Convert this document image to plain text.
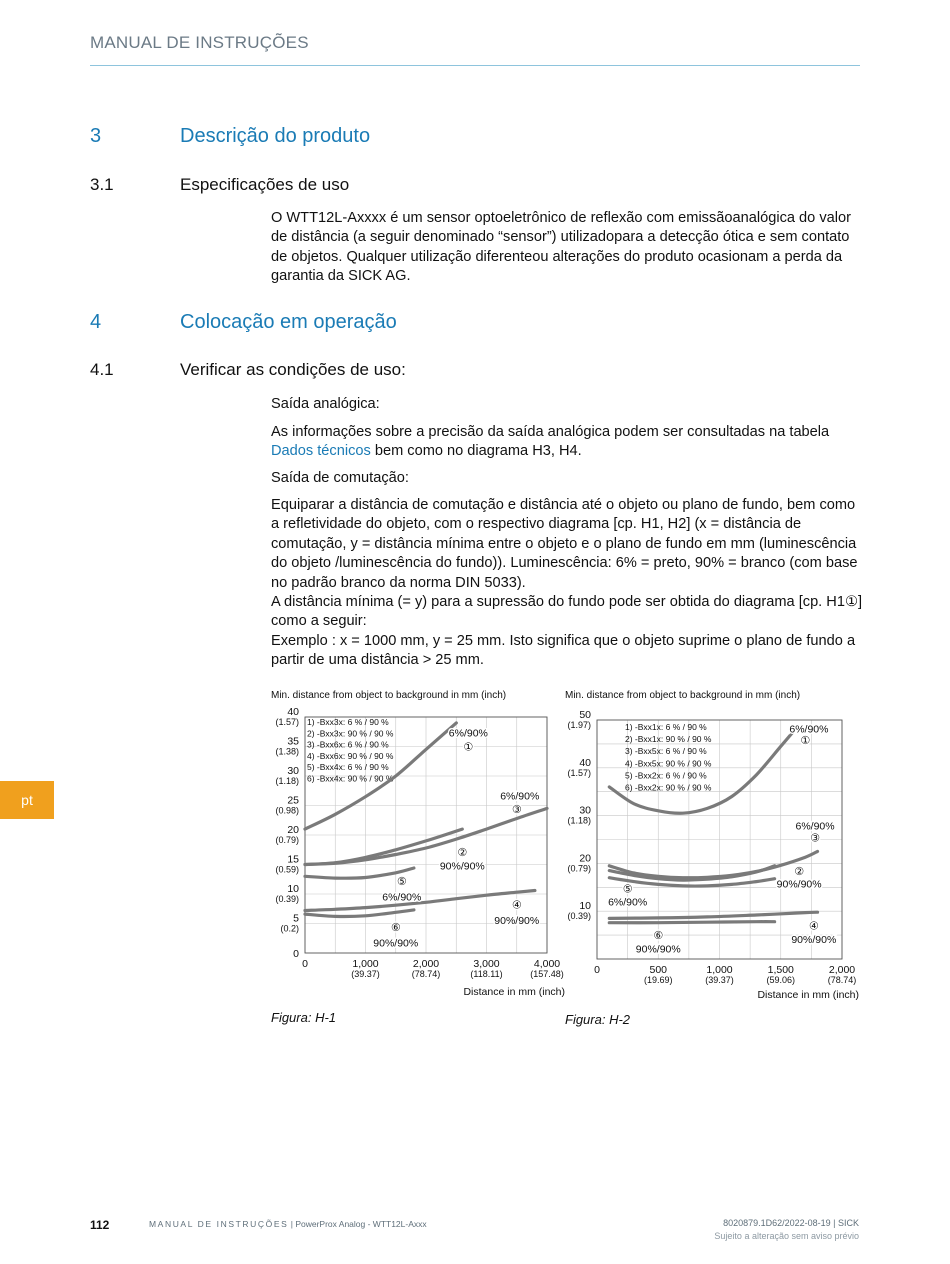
MANUAL DE INSTRUÇÕES
3	Descrição do produto
3.1	Especificações de uso
O WTT12L-Axxxx é um sensor optoeletrônico de reflexão com emissãoanalógica do valor de distância (a seguir denominado “sensor”) utilizadopara a detecção ótica e sem contato de objetos. Qualquer utilização diferenteou alterações do produto ocasionam a perda da garantia da SICK AG.
4	Colocação em operação
4.1	Verificar as condições de uso:
Saída analógica:
As informações sobre a precisão da saída analógica podem ser consultadas na tabela Dados técnicos bem como no diagrama H3, H4.
Saída de comutação:
Equiparar a distância de comutação e distância até o objeto ou plano de fundo, bem como a refletividade do objeto, com o respectivo diagrama [cp. H1, H2] (x = distância de comutação, y = distância mínima entre o objeto e o plano de fundo em mm (luminescência do objeto /luminescência do fundo)). Luminescência: 6% = preto, 90% = branco (com base no padrão branco da norma DIN 5033).
A distância mínima (= y) para a supressão do fundo pode ser obtida do diagrama [cp. H1①] como a seguir:
Exemplo : x = 1000 mm, y = 25 mm. Isto significa que o objeto suprime o plano de fundo a partir de uma distância > 25 mm.
pt
Min. distance from object to background in mm (inch)
0	1,000
(39.37)
2,000
(78.74)
3,000
(118.11)
4,000
(157.48)
0
5
(0.2)
10
(0.39)
15
(0.59)
20
(0.79)
25
(0.98)
30
(1.18)
35
(1.38)
40
(1.57)
Distance in mm (inch)
1) -Bxx3x: 6 % / 90 %
2) -Bxx3x: 90 % / 90 %
3) -Bxx6x: 6 % / 90 %
4) -Bxx6x: 90 % / 90 %
5) -Bxx4x: 6 % / 90 %
6) -Bxx4x: 90 % / 90 %
6%/90%
①
6%/90%
③
②
90%/90%
⑤
6%/90%
④
90%/90%
⑥
90%/90%
Min. distance from object to background in mm (inch)
0	500
(19.69)
1,000
(39.37)
1,500
(59.06)
2,000
(78.74)
10
(0.39)
20
(0.79)
30
(1.18)
40
(1.57)
50
(1.97)
Distance in mm (inch)
1) -Bxx1x: 6 % / 90 %
2) -Bxx1x: 90 % / 90 %
3) -Bxx5x: 6 % / 90 %
4) -Bxx5x: 90 % / 90 %
5) -Bxx2x: 6 % / 90 %
6) -Bxx2x: 90 % / 90 %
6%/90%
①
6%/90%
③
②
90%/90%
⑤
6%/90%
④
90%/90%
⑥
90%/90%
Figura: H-1	Figura: H-2
112	MANUAL DE INSTRUÇÕES | PowerProx Analog - WTT12L-Axxx	8020879.1D62/2022-08-19 | SICK
Sujeito a alteração sem aviso prévio
